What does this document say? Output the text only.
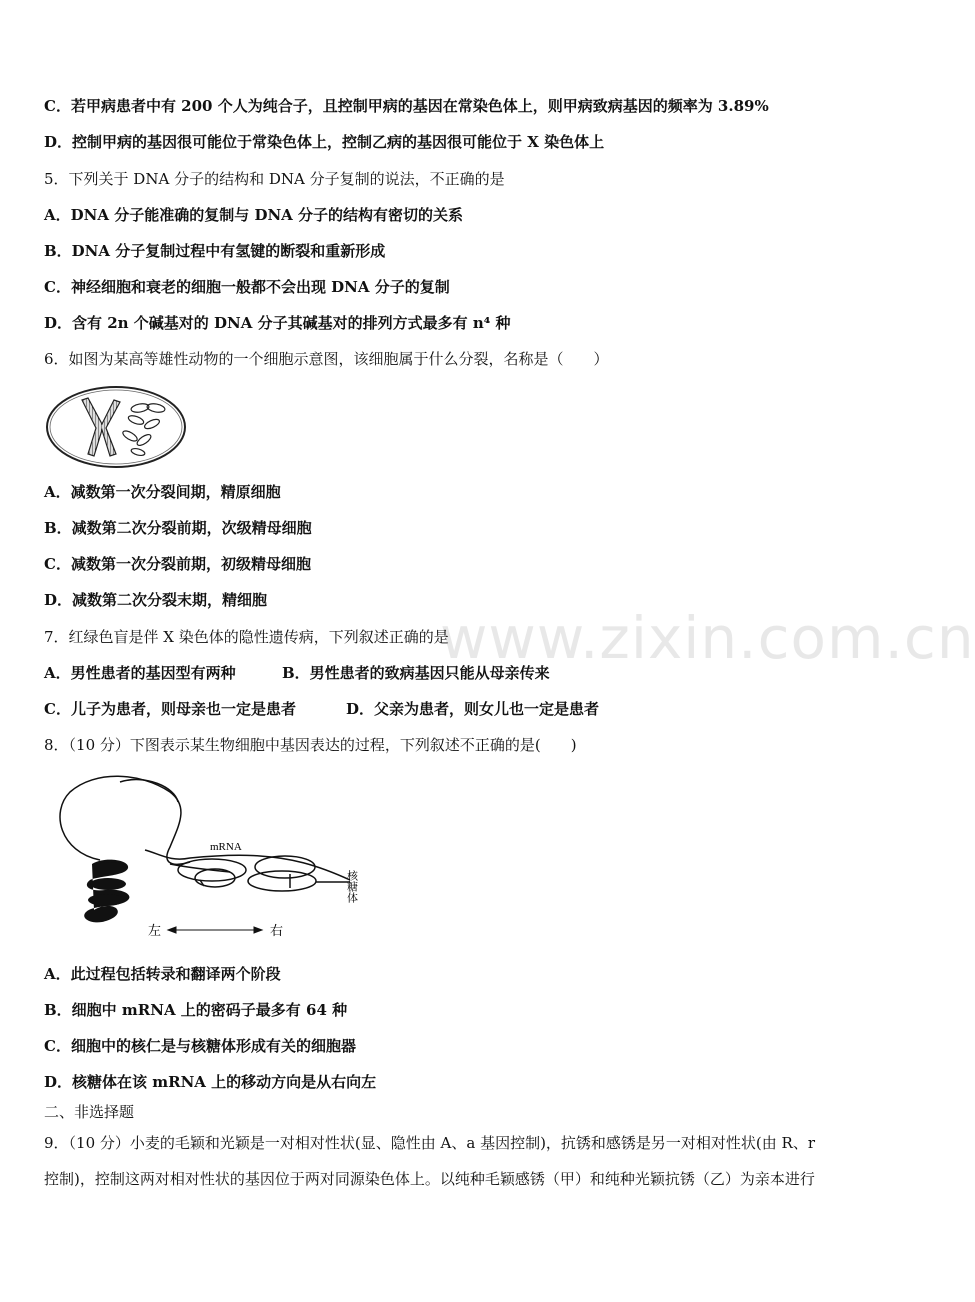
www.zixin.com.cn
C．若甲病患者中有 200 个人为纯合子，且控制甲病的基因在常染色体上，则甲病致病基因的频率为 3.89%
D．控制甲病的基因很可能位于常染色体上，控制乙病的基因很可能位于 X 染色体上
5．下列关于 DNA 分子的结构和 DNA 分子复制的说法，不正确的是
A．DNA 分子能准确的复制与 DNA 分子的结构有密切的关系
B．DNA 分子复制过程中有氢键的断裂和重新形成
C．神经细胞和衰老的细胞一般都不会出现 DNA 分子的复制
D．含有 2n 个碱基对的 DNA 分子其碱基对的排列方式最多有 n⁴ 种
6．如图为某高等雄性动物的一个细胞示意图，该细胞属于什么分裂，名称是（　　）
A．减数第一次分裂间期，精原细胞
B．减数第二次分裂前期，次级精母细胞
C．减数第一次分裂前期，初级精母细胞
D．减数第二次分裂末期，精细胞
7．红绿色盲是伴 X 染色体的隐性遗传病，下列叙述正确的是
A．男性患者的基因型有两种	B．男性患者的致病基因只能从母亲传来
C．儿子为患者，则母亲也一定是患者	D．父亲为患者，则女儿也一定是患者
8．（10 分）下图表示某生物细胞中基因表达的过程，下列叙述不正确的是(　　)
mRNA
左	右
核糖体
A．此过程包括转录和翻译两个阶段
B．细胞中 mRNA 上的密码子最多有 64 种
C．细胞中的核仁是与核糖体形成有关的细胞器
D．核糖体在该 mRNA 上的移动方向是从右向左
二、非选择题
9．（10 分）小麦的毛颖和光颖是一对相对性状(显、隐性由 A、a 基因控制)，抗锈和感锈是另一对相对性状(由 R、r
控制)，控制这两对相对性状的基因位于两对同源染色体上。以纯种毛颖感锈（甲）和纯种光颖抗锈（乙）为亲本进行
